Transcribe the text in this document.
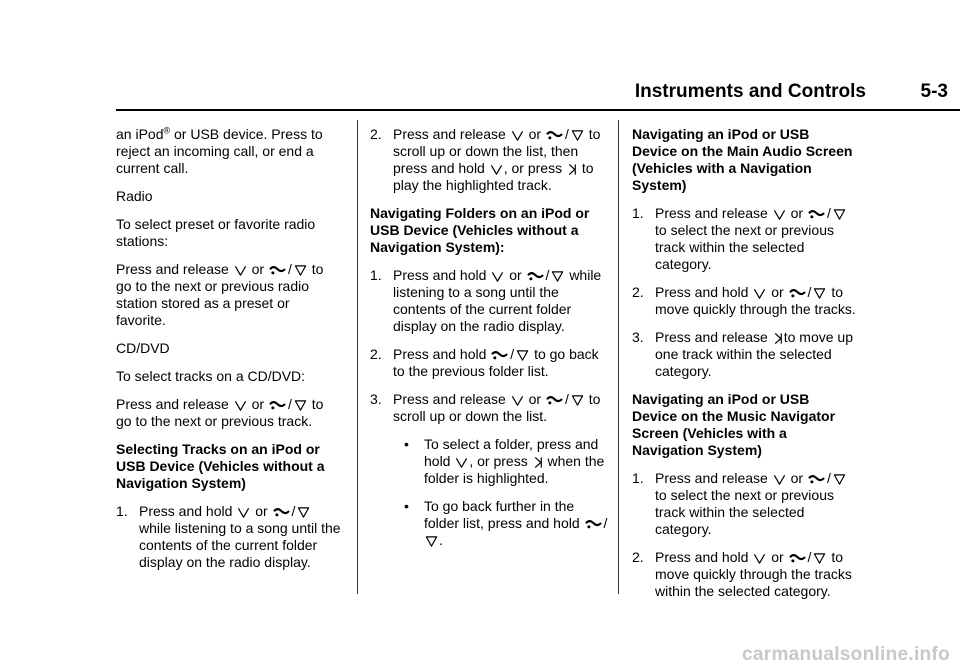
Instruments and Controls	5-3

an iPod® or USB device. Press to reject an incoming call, or end a current call.

Radio

To select preset or favorite radio stations:

Press and release or / to go to the next or previous radio station stored as a preset or favorite.

CD/DVD

To select tracks on a CD/DVD:

Press and release or / to go to the next or previous track.

Selecting Tracks on an iPod or USB Device (Vehicles without a Navigation System)

1. Press and hold or / while listening to a song until the contents of the current folder display on the radio display.
2. Press and release or / to scroll up or down the list, then press and hold , or press to play the highlighted track.

Navigating Folders on an iPod or USB Device (Vehicles without a Navigation System):

1. Press and hold or / while listening to a song until the contents of the current folder display on the radio display.
2. Press and hold / to go back to the previous folder list.
3. Press and release or / to scroll up or down the list.
• To select a folder, press and hold , or press when the folder is highlighted.
• To go back further in the folder list, press and hold /.

Navigating an iPod or USB Device on the Main Audio Screen (Vehicles with a Navigation System)

1. Press and release or / to select the next or previous track within the selected category.
2. Press and hold or / to move quickly through the tracks.
3. Press and release to move up one track within the selected category.

Navigating an iPod or USB Device on the Music Navigator Screen (Vehicles with a Navigation System)

1. Press and release or / to select the next or previous track within the selected category.
2. Press and hold or / to move quickly through the tracks within the selected category.
carmanualsonline.info
